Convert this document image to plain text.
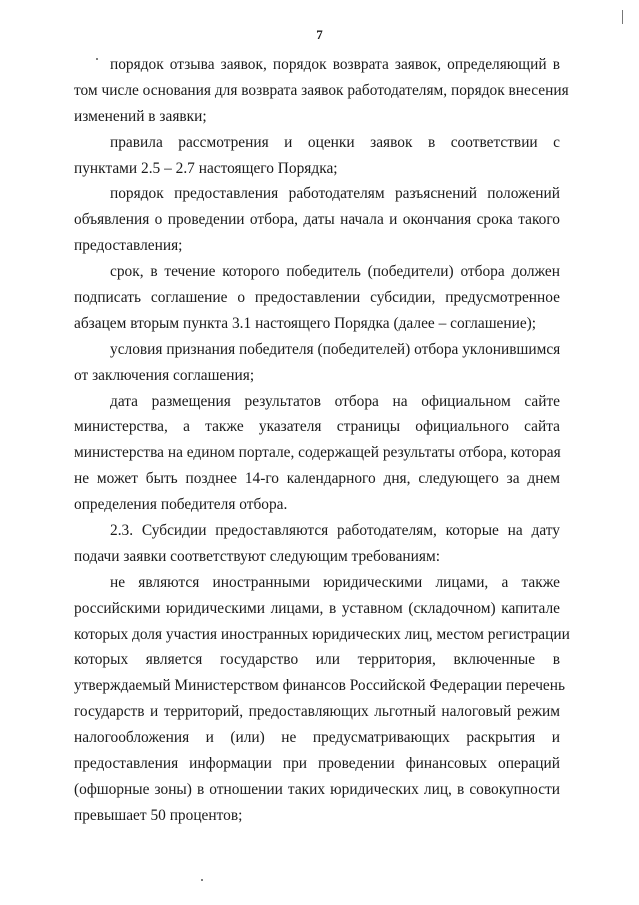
7
порядок отзыва заявок, порядок возврата заявок, определяющий в
том числе основания для возврата заявок работодателям, порядок внесения
изменений в заявки;
правила рассмотрения и оценки заявок в соответствии с
пунктами 2.5 – 2.7 настоящего Порядка;
порядок предоставления работодателям разъяснений положений
объявления о проведении отбора, даты начала и окончания срока такого
предоставления;
срок, в течение которого победитель (победители) отбора должен
подписать соглашение о предоставлении субсидии, предусмотренное
абзацем вторым пункта 3.1 настоящего Порядка (далее – соглашение);
условия признания победителя (победителей) отбора уклонившимся
от заключения соглашения;
дата размещения результатов отбора на официальном сайте
министерства, а также указателя страницы официального сайта
министерства на едином портале, содержащей результаты отбора, которая
не может быть позднее 14-го календарного дня, следующего за днем
определения победителя отбора.
2.3. Субсидии предоставляются работодателям, которые на дату
подачи заявки соответствуют следующим требованиям:
не являются иностранными юридическими лицами, а также
российскими юридическими лицами, в уставном (складочном) капитале
которых доля участия иностранных юридических лиц, местом регистрации
которых является государство или территория, включенные в
утверждаемый Министерством финансов Российской Федерации перечень
государств и территорий, предоставляющих льготный налоговый режим
налогообложения и (или) не предусматривающих раскрытия и
предоставления информации при проведении финансовых операций
(офшорные зоны) в отношении таких юридических лиц, в совокупности
превышает 50 процентов;
